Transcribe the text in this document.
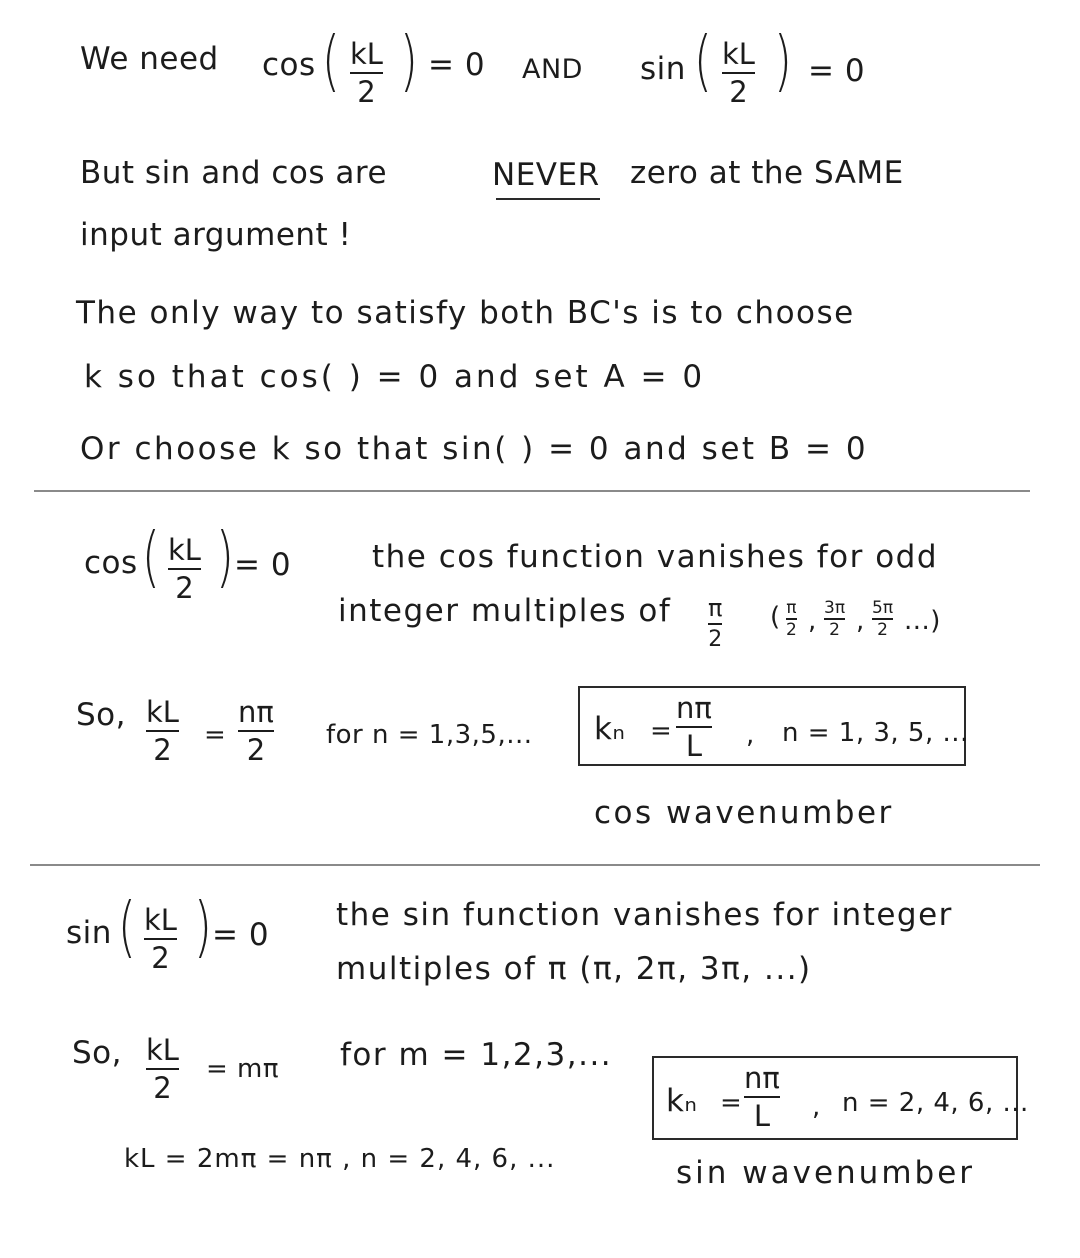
We need cos ( kL
2 ) = 0 AND sin ( kL
2 ) = 0
But sin and cos are	NEVER zero at the SAME
input argument !
The only way to satisfy both BC's is to choose
k so that cos( ) = 0 and set A = 0
Or choose k so that sin( ) = 0 and set B = 0
cos ( kL
2 ) = 0	the cos function vanishes for odd
integer multiples of π
2
( π
2 , 3π
2 , 5π
2 ...)
So, kL
2 =
nπ
2 for n = 1,3,5,... kₙ =
nπ
L , n = 1, 3, 5, ...
cos wavenumber
sin ( kL
2 ) = 0
the sin function vanishes for integer
multiples of π (π, 2π, 3π, ...)
So, kL
2
= mπ for m = 1,2,3,...
kₙ =
nπ
L , n = 2, 4, 6, ...
kL = 2mπ = nπ , n = 2, 4, 6, ...	sin wavenumber
